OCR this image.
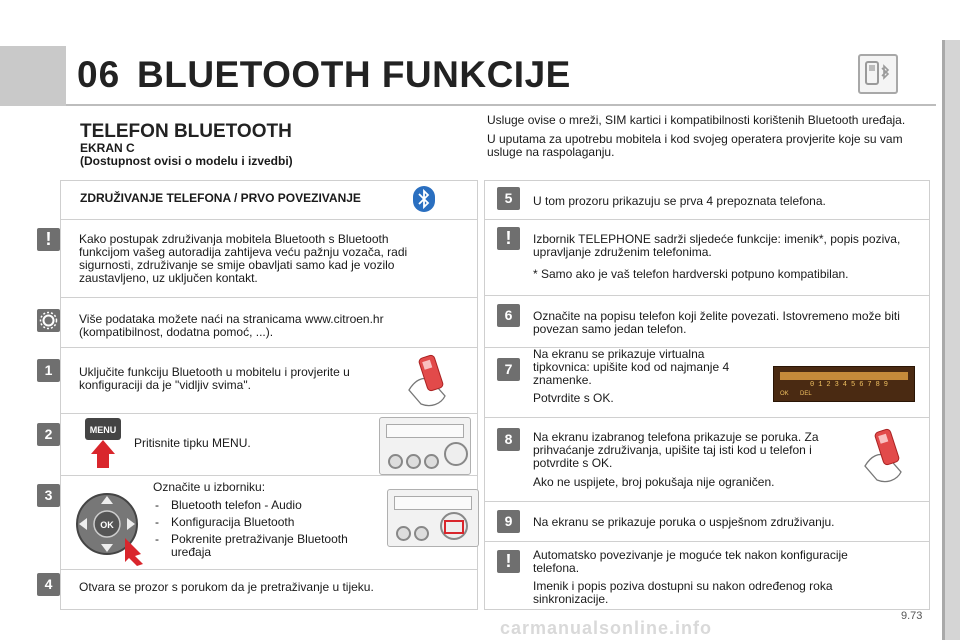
06 BLUETOOTH FUNKCIJE
TELEFON BLUETOOTH
EKRAN C
(Dostupnost ovisi o modelu i izvedbi)

Usluge ovise o mreži, SIM kartici i kompatibilnosti korištenih Bluetooth uređaja.

U uputama za upotrebu mobitela i kod svojeg operatera provjerite koje su vam usluge na raspolaganju.

ZDRUŽIVANJE TELEFONA / PRVO POVEZIVANJE
!	Kako postupak združivanja mobitela Bluetooth s Bluetooth funkcijom vašeg autoradija zahtijeva veću pažnju vozača, radi sigurnosti, združivanje se smije obavljati samo kad je vozilo zaustavljeno, uz uključen kontakt.
Više podataka možete naći na stranicama www.citroen.hr (kompatibilnost, dodatna pomoć, ...).
1	Uključite funkciju Bluetooth u mobitelu i provjerite u konfiguraciji da je "vidljiv svima".
2	MENU
Pritisnite tipku MENU.
3
OK

Označite u izborniku:

- Bluetooth telefon - Audio
- Konfiguracija Bluetooth
- Pokrenite pretraživanje Bluetooth uređaja
4	Otvara se prozor s porukom da je pretraživanje u tijeku.
5	U tom prozoru prikazuju se prva 4 prepoznata telefona.
!	Izbornik TELEPHONE sadrži sljedeće funkcije: imenik*, popis poziva, upravljanje združenim telefonima.

* Samo ako je vaš telefon hardverski potpuno kompatibilan.

6	Označite na popisu telefon koji želite povezati. Istovremeno može biti povezan samo jedan telefon.
7

Na ekranu se prikazuje virtualna tipkovnica: upišite kod od najmanje 4 znamenke.

Potvrdite s OK.

0123456789
OK DEL
8	Na ekranu izabranog telefona prikazuje se poruka. Za prihvaćanje združivanja, upišite taj isti kod u telefon i potvrdite s OK.

Ako ne uspijete, broj pokušaja nije ograničen.

9	Na ekranu se prikazuje poruka o uspješnom združivanju.
!	Automatsko povezivanje je moguće tek nakon konfiguracije telefona.

Imenik i popis poziva dostupni su nakon određenog roka sinkronizacije.

9.73
carmanualsonline.info
